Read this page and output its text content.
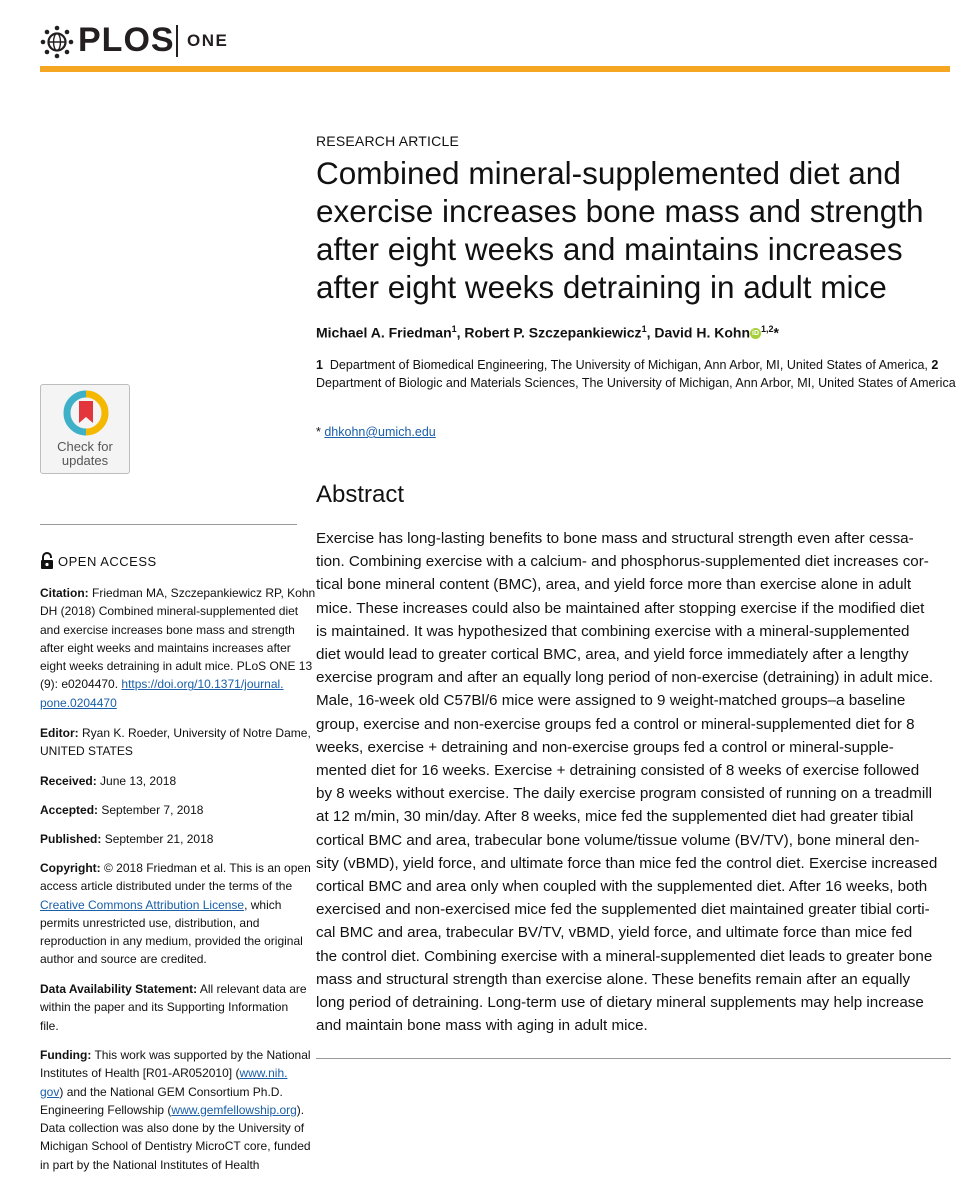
PLOS ONE
RESEARCH ARTICLE
Combined mineral-supplemented diet and
exercise increases bone mass and strength
after eight weeks and maintains increases
after eight weeks detraining in adult mice
Michael A. Friedman$^1$, Robert P. Szczepankiewicz$^1$, David H. Kohn iD $^{1,2}$*
1 Department of Biomedical Engineering, The University of Michigan, Ann Arbor, MI, United States of America, 2  Department of Biologic and Materials Sciences, The University of Michigan, Ann Arbor, MI, United States of America
* dhkohn@umich.edu
Abstract
Exercise has long-lasting benefits to bone mass and structural strength even after cessa-
tion. Combining exercise with a calcium- and phosphorus-supplemented diet increases cor-
tical bone mineral content (BMC), area, and yield force more than exercise alone in adult
mice. These increases could also be maintained after stopping exercise if the modified diet
is maintained. It was hypothesized that combining exercise with a mineral-supplemented
diet would lead to greater cortical BMC, area, and yield force immediately after a lengthy
exercise program and after an equally long period of non-exercise (detraining) in adult mice.
Male, 16-week old C57Bl/6 mice were assigned to 9 weight-matched groups–a baseline
group, exercise and non-exercise groups fed a control or mineral-supplemented diet for 8
weeks, exercise + detraining and non-exercise groups fed a control or mineral-supple-
mented diet for 16 weeks. Exercise + detraining consisted of 8 weeks of exercise followed
by 8 weeks without exercise. The daily exercise program consisted of running on a treadmill
at 12 m/min, 30 min/day. After 8 weeks, mice fed the supplemented diet had greater tibial
cortical BMC and area, trabecular bone volume/tissue volume (BV/TV), bone mineral den-
sity (vBMD), yield force, and ultimate force than mice fed the control diet. Exercise increased
cortical BMC and area only when coupled with the supplemented diet. After 16 weeks, both
exercised and non-exercised mice fed the supplemented diet maintained greater tibial corti-
cal BMC and area, trabecular BV/TV, vBMD, yield force, and ultimate force than mice fed
the control diet. Combining exercise with a mineral-supplemented diet leads to greater bone
mass and structural strength than exercise alone. These benefits remain after an equally
long period of detraining. Long-term use of dietary mineral supplements may help increase
and maintain bone mass with aging in adult mice.
Check for
updates
OPEN ACCESS
Citation: Friedman MA, Szczepankiewicz RP, Kohn
DH (2018) Combined mineral-supplemented diet
and exercise increases bone mass and strength
after eight weeks and maintains increases after
eight weeks detraining in adult mice. PLoS ONE 13
(9): e0204470. https://doi.org/10.1371/journal.
pone.0204470
Editor: Ryan K. Roeder, University of Notre Dame,
UNITED STATES
Received: June 13, 2018
Accepted: September 7, 2018
Published: September 21, 2018
Copyright: © 2018 Friedman et al. This is an open
access article distributed under the terms of the
Creative Commons Attribution License, which
permits unrestricted use, distribution, and
reproduction in any medium, provided the original
author and source are credited.
Data Availability Statement: All relevant data are
within the paper and its Supporting Information
file.
Funding: This work was supported by the National
Institutes of Health [R01-AR052010] (www.nih.
gov) and the National GEM Consortium Ph.D.
Engineering Fellowship (www.gemfellowship.org).
Data collection was also done by the University of
Michigan School of Dentistry MicroCT core, funded
in part by the National Institutes of Health
